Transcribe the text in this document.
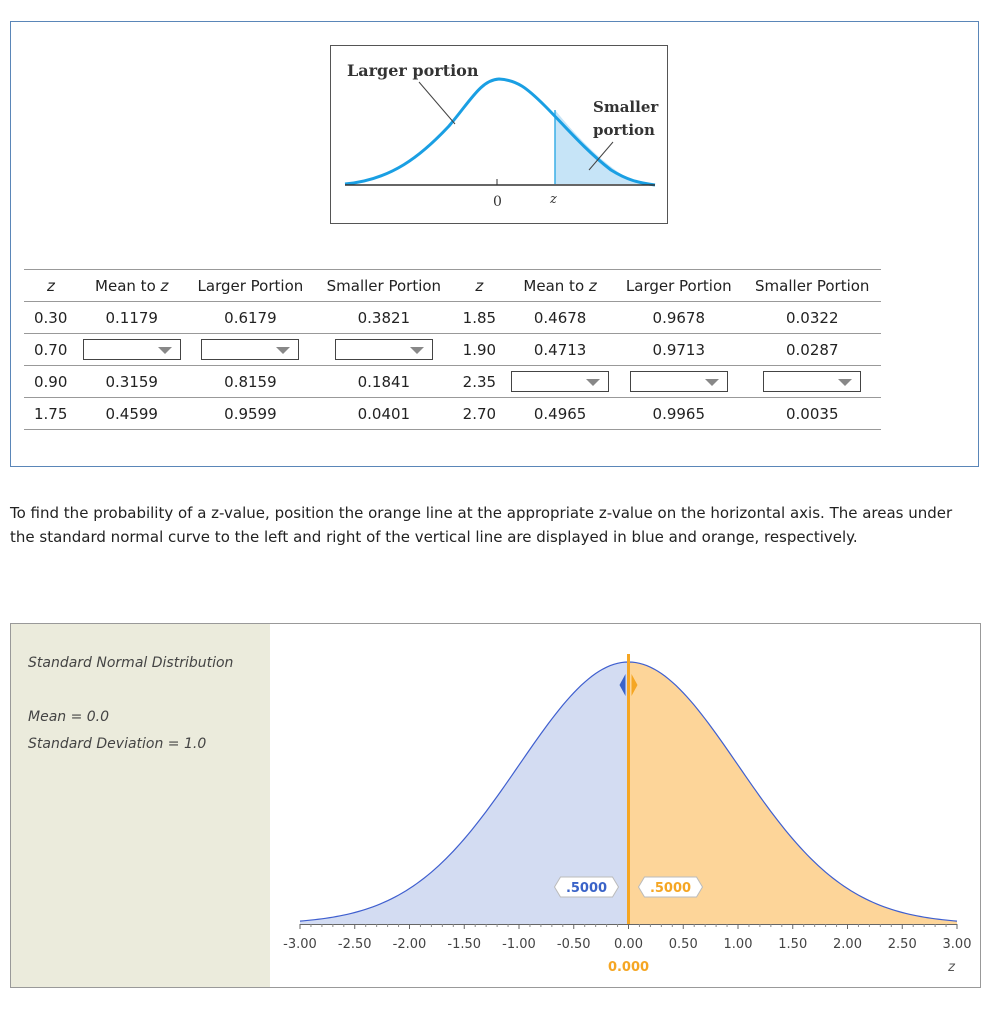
Larger portion
Smaller
portion
0	z
z	Mean to z	Larger Portion	Smaller Portion	z	Mean to z	Larger Portion	Smaller Portion
0.30	0.1179	0.6179	0.3821	1.85	0.4678	0.9678	0.0322
0.70				1.90	0.4713	0.9713	0.0287
0.90	0.3159	0.8159	0.1841	2.35	

1.75	0.4599	0.9599	0.0401	2.70	0.4965	0.9965	0.0035
To find the probability of a z-value, position the orange line at the appropriate z-value on the horizontal axis. The areas under the standard normal curve to the left and right of the vertical line are displayed in blue and orange, respectively.
Standard Normal Distribution
Mean = 0.0
Standard Deviation = 1.0
-3.00 -2.50 -2.00 -1.50 -1.00 -0.50 0.00 0.50 1.00 1.50 2.00 2.50 3.00
z
0.000
.5000	.5000
